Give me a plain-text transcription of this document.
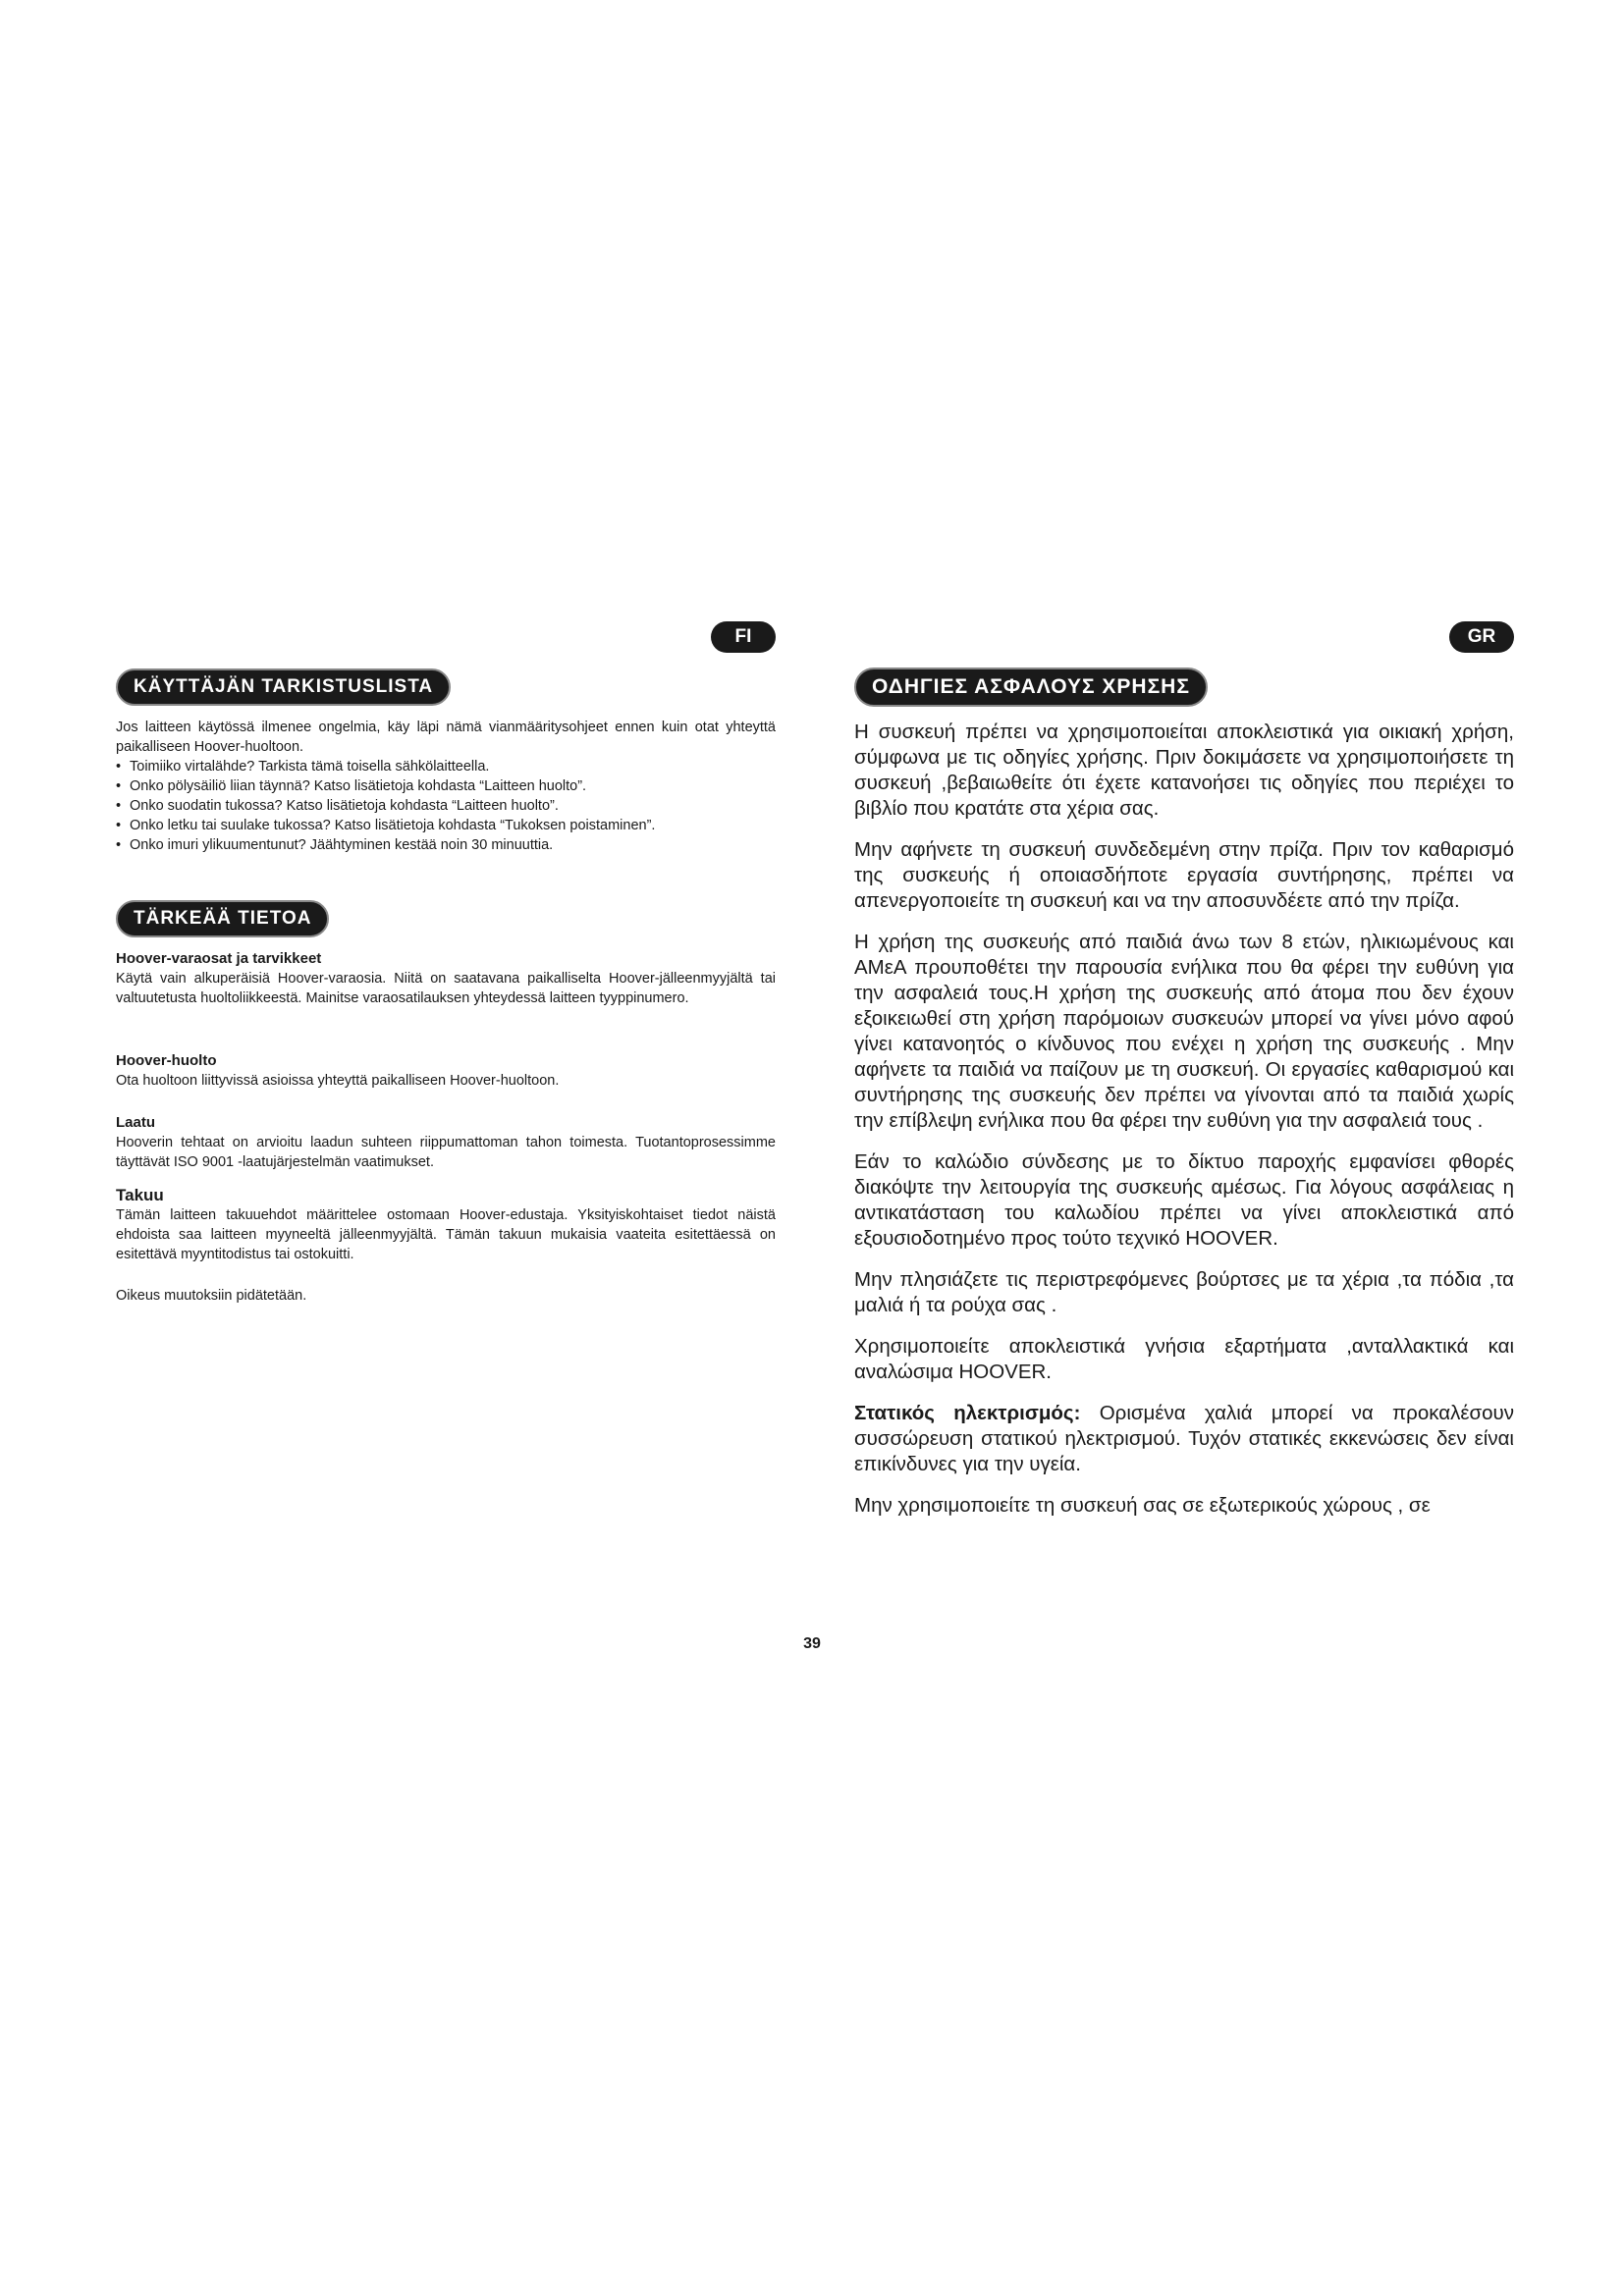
FI	GR
KÄYTTÄJÄN TARKISTUSLISTA

Jos laitteen käytössä ilmenee ongelmia, käy läpi nämä vianmääritysohjeet ennen kuin otat yhteyttä paikalliseen Hoover-huoltoon.

• Toimiiko virtalähde? Tarkista tämä toisella sähkölaitteella.
• Onko pölysäiliö liian täynnä? Katso lisätietoja kohdasta “Laitteen huolto”.
• Onko suodatin tukossa? Katso lisätietoja kohdasta “Laitteen huolto”.
• Onko letku tai suulake tukossa? Katso lisätietoja kohdasta “Tukoksen poistaminen”.
• Onko imuri ylikuumentunut? Jäähtyminen kestää noin 30 minuuttia.
TÄRKEÄÄ TIETOA

Hoover-varaosat ja tarvikkeet

Käytä vain alkuperäisiä Hoover-varaosia. Niitä on saatavana paikalliselta Hoover-jälleenmyyjältä tai valtuutetusta huoltoliikkeestä. Mainitse varaosatilauksen yhteydessä laitteen tyyppinumero.

Hoover-huolto

Ota huoltoon liittyvissä asioissa yhteyttä paikalliseen Hoover-huoltoon.

Laatu

Hooverin tehtaat on arvioitu laadun suhteen riippumattoman tahon toimesta. Tuotantoprosessimme täyttävät ISO 9001 -laatujärjestelmän vaatimukset.

Takuu

Tämän laitteen takuuehdot määrittelee ostomaan Hoover-edustaja. Yksityiskohtaiset tiedot näistä ehdoista saa laitteen myyneeltä jälleenmyyjältä. Tämän takuun mukaisia vaateita esitettäessä on esitettävä myyntitodistus tai ostokuitti.

Oikeus muutoksiin pidätetään.

ΟΔΗΓΙΕΣ ΑΣΦΑΛΟΥΣ ΧΡΗΣΗΣ

Η συσκευή πρέπει να χρησιμοποιείται αποκλειστικά για οικιακή χρήση, σύμφωνα με τις οδηγίες χρήσης. Πριν δοκιμάσετε να χρησιμοποιήσετε τη συσκευή ,βεβαιωθείτε ότι έχετε κατανοήσει τις οδηγίες που περιέχει το βιβλίο που κρατάτε στα χέρια σας.

Μην αφήνετε τη συσκευή συνδεδεμένη στην πρίζα. Πριν τον καθαρισμό της συσκευής ή οποιασδήποτε εργασία συντήρησης, πρέπει να απενεργοποιείτε τη συσκευή και να την αποσυνδέετε από την πρίζα.

Η χρήση της συσκευής από παιδιά άνω των 8 ετών, ηλικιωμένους και ΑΜεΑ προυποθέτει την παρουσία ενήλικα που θα φέρει την ευθύνη για την ασφαλειά τους.Η χρήση της συσκευής από άτομα που δεν έχουν εξοικειωθεί στη χρήση παρόμοιων συσκευών μπορεί να γίνει μόνο αφού γίνει κατανοητός ο κίνδυνος που ενέχει η χρήση της συσκευής . Μην αφήνετε τα παιδιά να παίζουν με τη συσκευή. Οι εργασίες καθαρισμού και συντήρησης της συσκευής δεν πρέπει να γίνονται από τα παιδιά χωρίς την επίβλεψη ενήλικα που θα φέρει την ευθύνη για την ασφαλειά τους .

Εάν το καλώδιο σύνδεσης με το δίκτυο παροχής εμφανίσει φθορές διακόψτε την λειτουργία της συσκευής αμέσως. Για λόγους ασφάλειας η αντικατάσταση του καλωδίου πρέπει να γίνει αποκλειστικά από εξουσιοδοτημένο προς τούτο τεχνικό HOOVER.

Μην πλησιάζετε τις περιστρεφόμενες βούρτσες με τα χέρια ,τα πόδια ,τα μαλιά ή τα ρούχα σας .

Χρησιμοποιείτε αποκλειστικά γνήσια εξαρτήματα ,ανταλλακτικά και αναλώσιμα HOOVER.

Στατικός ηλεκτρισμός: Ορισμένα χαλιά μπορεί να προκαλέσουν συσσώρευση στατικού ηλεκτρισμού. Τυχόν στατικές εκκενώσεις δεν είναι επικίνδυνες για την υγεία.

Μην χρησιμοποιείτε τη συσκευή σας σε εξωτερικούς χώρους , σε

39
